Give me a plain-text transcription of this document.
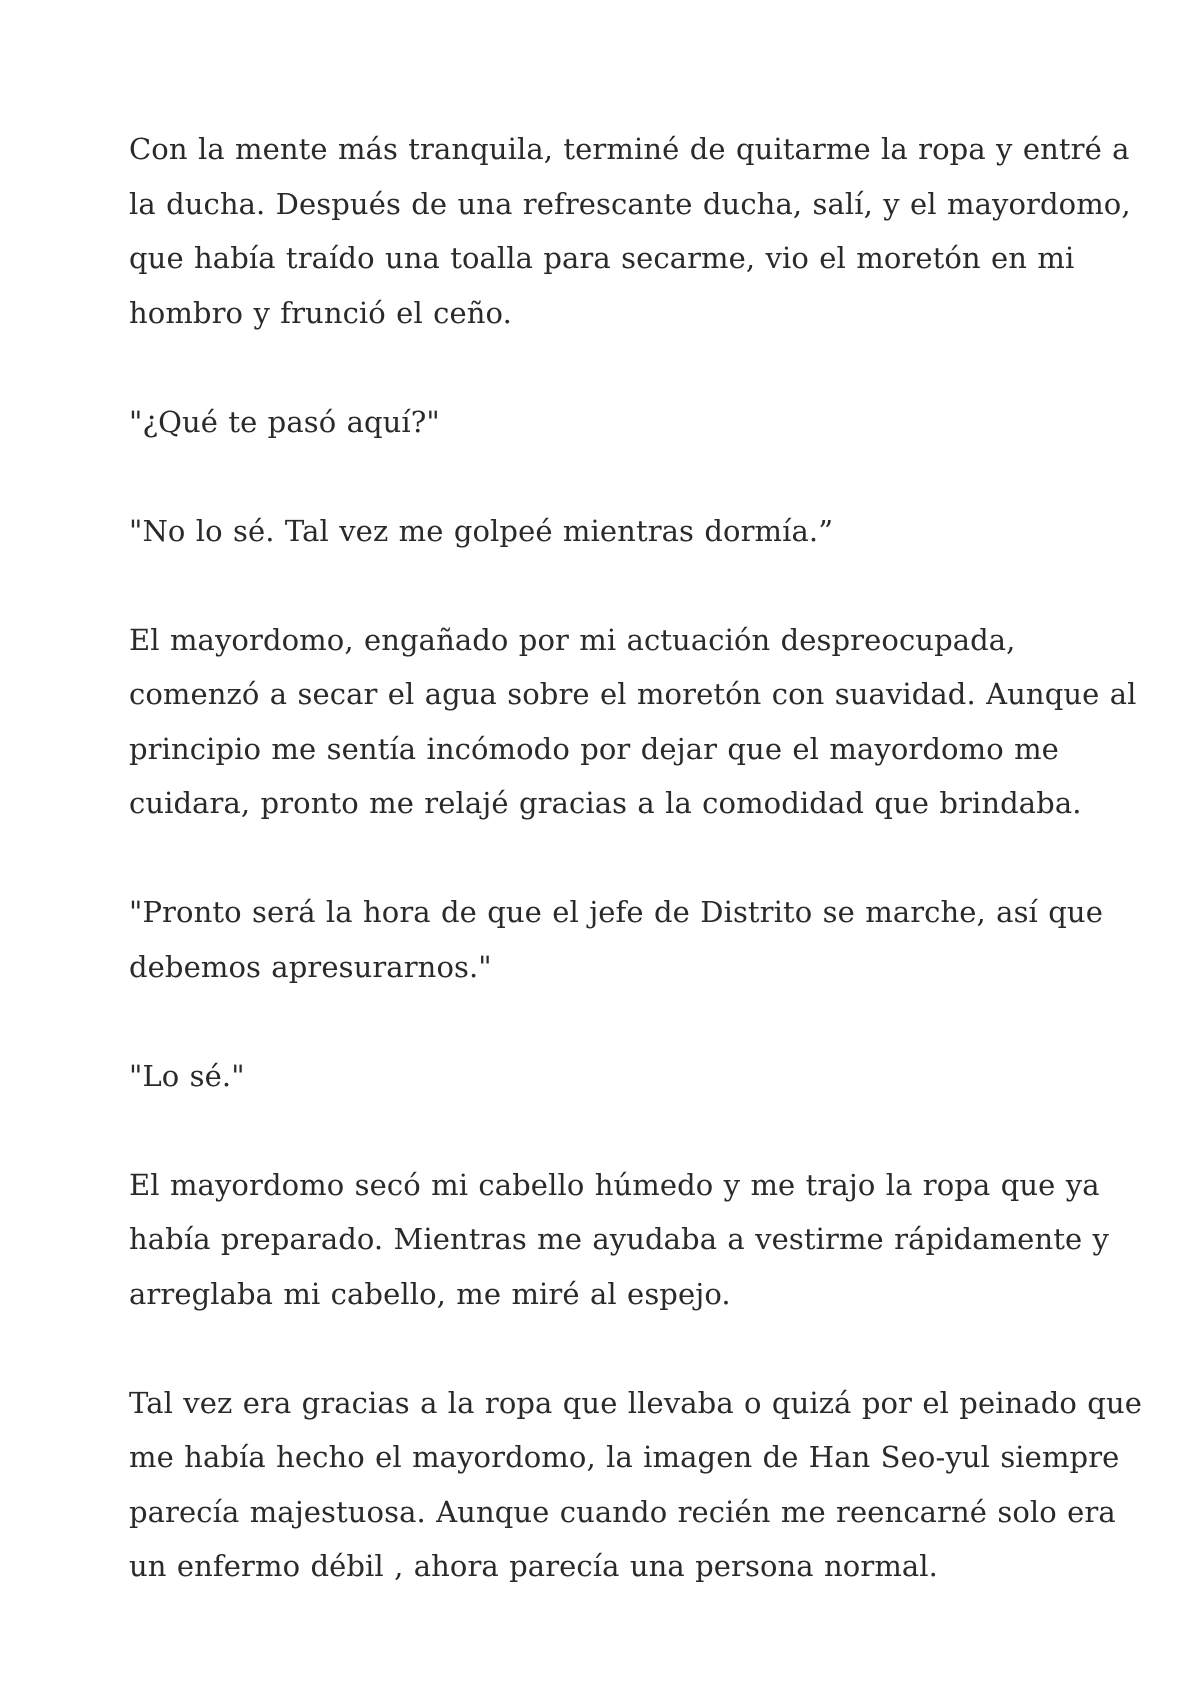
Con la mente más tranquila, terminé de quitarme la ropa y entré a
la ducha. Después de una refrescante ducha, salí, y el mayordomo,
que había traído una toalla para secarme, vio el moretón en mi
hombro y frunció el ceño.

"¿Qué te pasó aquí?"

"No lo sé. Tal vez me golpeé mientras dormía.”

El mayordomo, engañado por mi actuación despreocupada,
comenzó a secar el agua sobre el moretón con suavidad. Aunque al
principio me sentía incómodo por dejar que el mayordomo me
cuidara, pronto me relajé gracias a la comodidad que brindaba.

"Pronto será la hora de que el jefe de Distrito se marche, así que
debemos apresurarnos."

"Lo sé."

El mayordomo secó mi cabello húmedo y me trajo la ropa que ya
había preparado. Mientras me ayudaba a vestirme rápidamente y
arreglaba mi cabello, me miré al espejo.

Tal vez era gracias a la ropa que llevaba o quizá por el peinado que
me había hecho el mayordomo, la imagen de Han Seo-yul siempre
parecía majestuosa. Aunque cuando recién me reencarné solo era
un enfermo débil , ahora parecía una persona normal.
